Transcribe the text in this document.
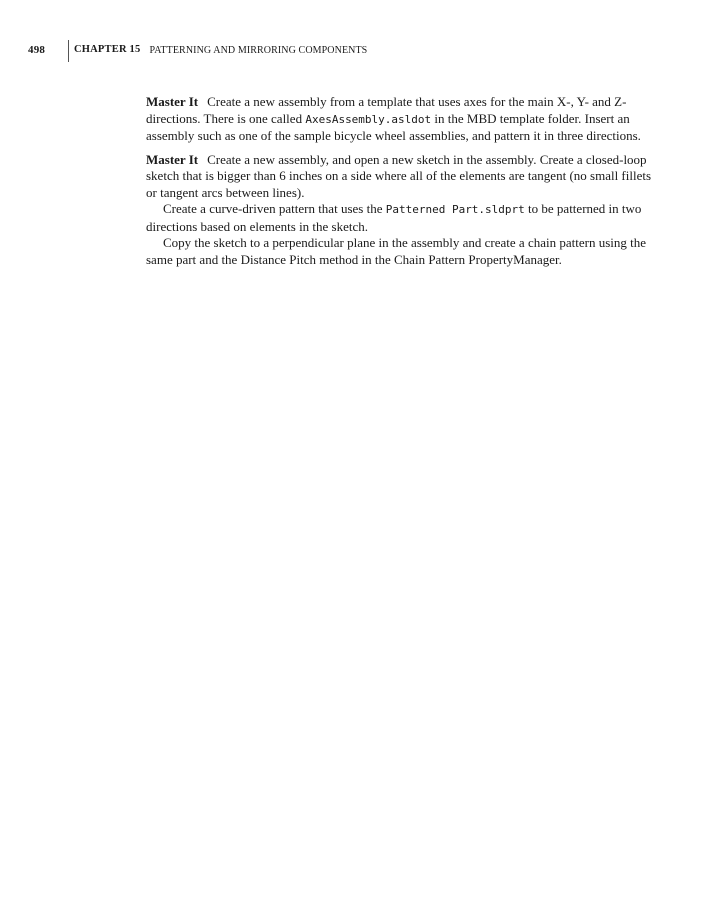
498	CHAPTER 15 PATTERNING AND MIRRORING COMPONENTS

Master It Create a new assembly from a template that uses axes for the main X-, Y- and Z-directions. There is one called AxesAssembly.asldot in the MBD template folder. Insert an assembly such as one of the sample bicycle wheel assemblies, and pattern it in three directions.

Master It Create a new assembly, and open a new sketch in the assembly. Create a closed-loop sketch that is bigger than 6 inches on a side where all of the elements are tangent (no small fillets or tangent arcs between lines).

Create a curve-driven pattern that uses the Patterned Part.sldprt to be patterned in two directions based on elements in the sketch.

Copy the sketch to a perpendicular plane in the assembly and create a chain pattern using the same part and the Distance Pitch method in the Chain Pattern PropertyManager.
